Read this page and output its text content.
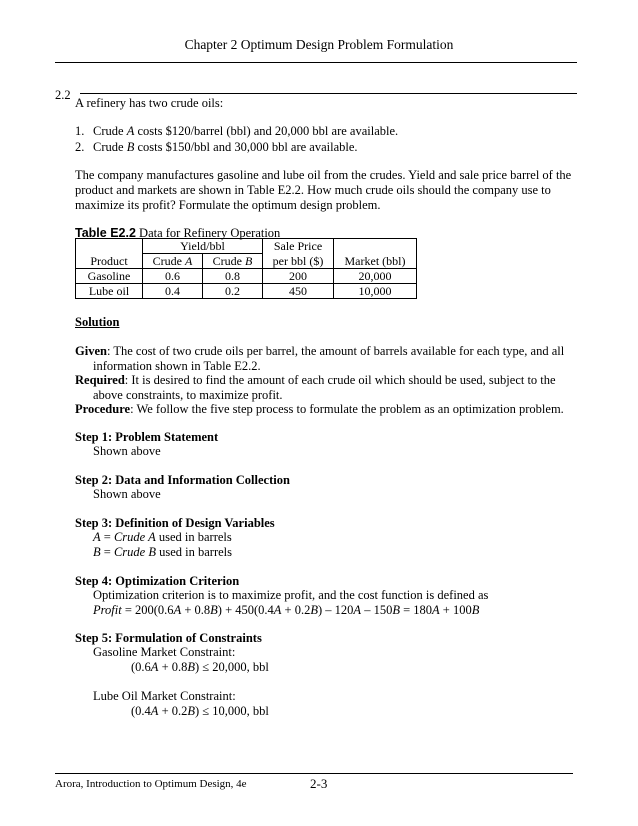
Chapter 2 Optimum Design Problem Formulation
2.2
A refinery has two crude oils:
1. Crude A costs $120/barrel (bbl) and 20,000 bbl are available.
2. Crude B costs $150/bbl and 30,000 bbl are available.
The company manufactures gasoline and lube oil from the crudes. Yield and sale price barrel of the
product and markets are shown in Table E2.2. How much crude oils should the company use to
maximize its profit? Formulate the optimum design problem.
Table E2.2 Data for Refinery Operation
	Yield/bbl		Sale Price	
Product	Crude A	Crude B	per bbl ($)	Market (bbl)
Gasoline	0.6	0.8	200	20,000
Lube oil	0.4	0.2	450	10,000
Solution
Given: The cost of two crude oils per barrel, the amount of barrels available for each type, and all
information shown in Table E2.2.
Required: It is desired to find the amount of each crude oil which should be used, subject to the
above constraints, to maximize profit.
Procedure: We follow the five step process to formulate the problem as an optimization problem.
Step 1: Problem Statement
Shown above
Step 2: Data and Information Collection
Shown above
Step 3: Definition of Design Variables
A = Crude A used in barrels
B = Crude B used in barrels
Step 4: Optimization Criterion
Optimization criterion is to maximize profit, and the cost function is defined as
Profit = 200(0.6A + 0.8B) + 450(0.4A + 0.2B) – 120A – 150B = 180A + 100B
Step 5: Formulation of Constraints
Gasoline Market Constraint:
(0.6A + 0.8B) ≤ 20,000, bbl
Lube Oil Market Constraint:
(0.4A + 0.2B) ≤ 10,000, bbl
Arora, Introduction to Optimum Design, 4e	2-3
